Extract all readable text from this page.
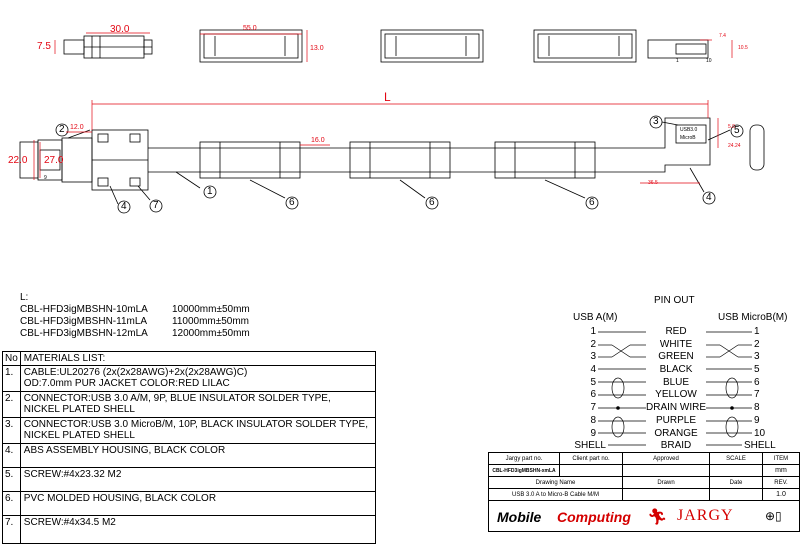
30.0
7.5
55.0
13.0
7.4
10.5
1	10
L
12.0
22.0 27.0
9
16.0
5.0
24.24
36.5
USB3.0
MicroB
1
6	6	6
4	7
2
3
5
4
L:
CBL-HFD3igMBSHN-10mLA	10000mm±50mm
CBL-HFD3igMBSHN-11mLA	11000mm±50mm
CBL-HFD3igMBSHN-12mLA	12000mm±50mm
No	MATERIALS LIST:
1.	CABLE:UL20276 (2x(2x28AWG)+2x(2x28AWG)C)
OD:7.0mm PUR JACKET COLOR:RED LILAC

2.	CONNECTOR:USB 3.0 A/M, 9P, BLUE INSULATOR SOLDER TYPE,
NICKEL PLATED SHELL

3.	CONNECTOR:USB 3.0 MicroB/M, 10P, BLACK INSULATOR SOLDER TYPE,
NICKEL PLATED SHELL

4.	ABS ASSEMBLY HOUSING, BLACK COLOR

5.	SCREW:#4x23.32 M2

6.	PVC MOLDED HOUSING, BLACK COLOR

7.	SCREW:#4x34.5 M2
PIN OUT
USB A(M)	USB MicroB(M)
1	RED	1
2	WHITE	2
3	GREEN	3
4	BLACK	5
5	BLUE	6
6	YELLOW	7
7	DRAIN WIRE	8
8	PURPLE	9
9	ORANGE	10
SHELL	BRAID	SHELL
Jargy part no.	Client part no.	Approved	SCALE	ITEM
CBL-HFD3igMBSHN-xmLA				mm
Drawing Name		Drawn	Date	REV.
USB 3.0 A to Micro-B Cable M/M				1.0

Mobile Computing 🏃︎ JARGY ⊕▯				
